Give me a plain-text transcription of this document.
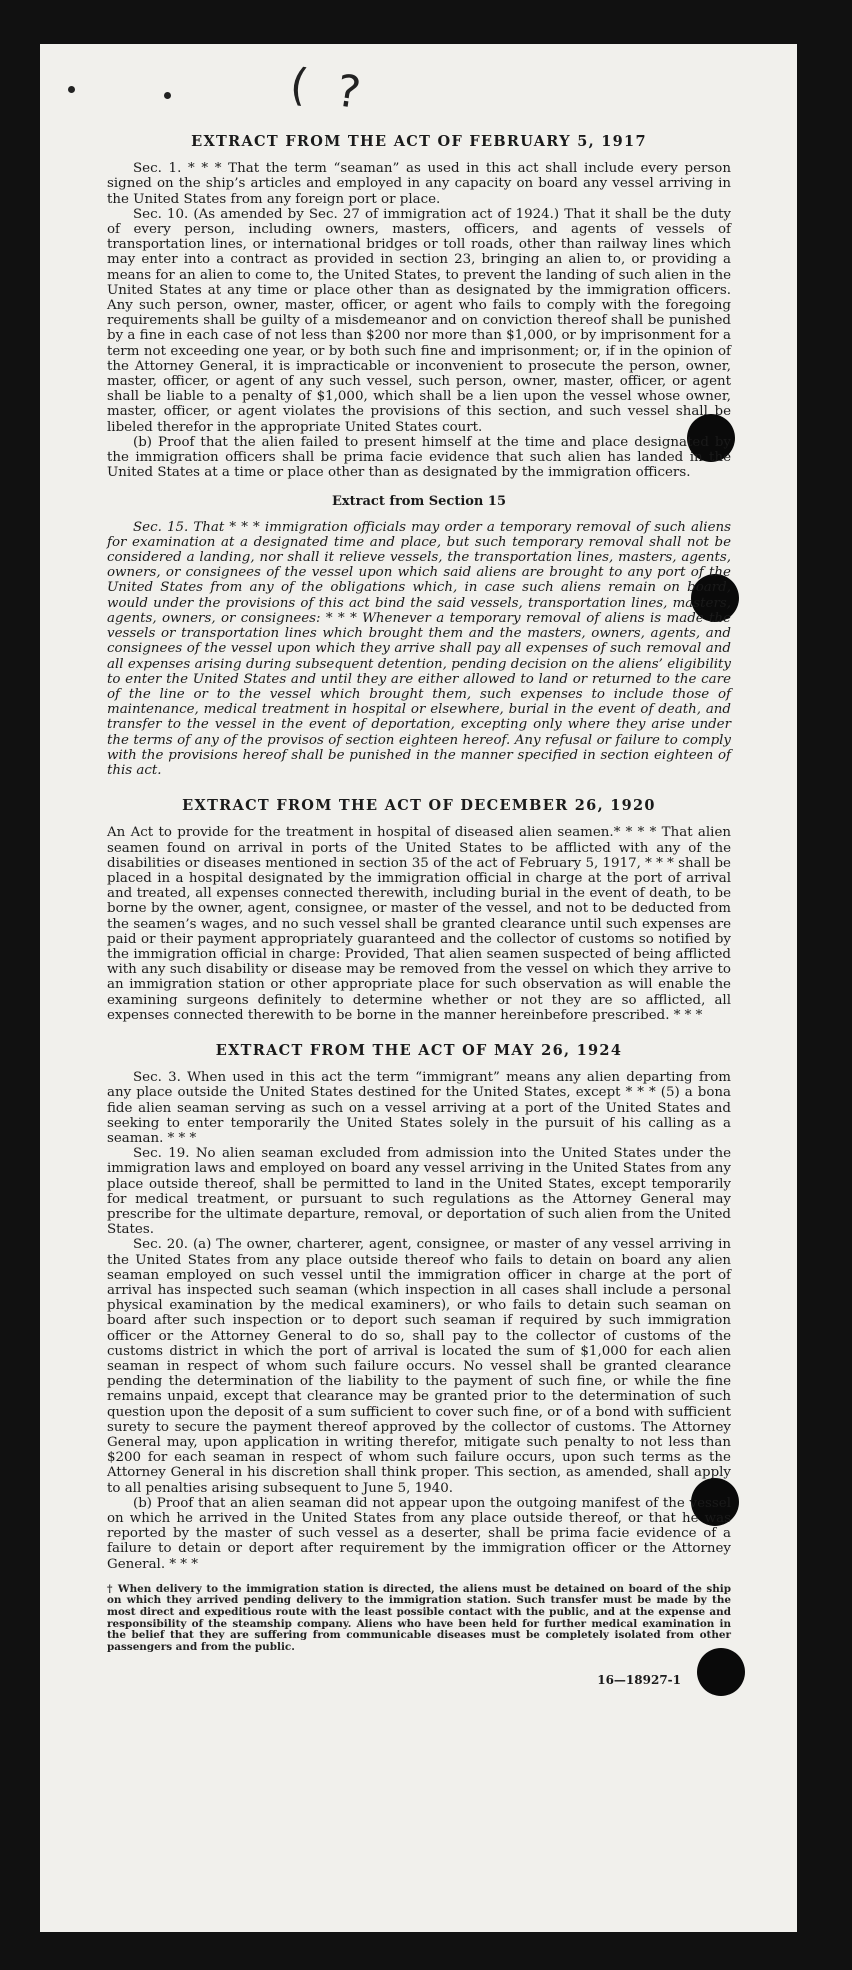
( ?
EXTRACT FROM THE ACT OF FEBRUARY 5, 1917

Sec. 1. * * * That the term “seaman” as used in this act shall include every person signed on the ship’s articles and employed in any capacity on board any vessel arriving in the United States from any foreign port or place.

Sec. 10. (As amended by Sec. 27 of immigration act of 1924.) That it shall be the duty of every person, including owners, masters, officers, and agents of vessels of transportation lines, or international bridges or toll roads, other than railway lines which may enter into a contract as provided in section 23, bringing an alien to, or providing a means for an alien to come to, the United States, to prevent the landing of such alien in the United States at any time or place other than as designated by the immigration officers. Any such person, owner, master, officer, or agent who fails to comply with the foregoing requirements shall be guilty of a misdemeanor and on conviction thereof shall be punished by a fine in each case of not less than $200 nor more than $1,000, or by imprisonment for a term not exceeding one year, or by both such fine and imprisonment; or, if in the opinion of the Attorney General, it is impracticable or inconvenient to prosecute the person, owner, master, officer, or agent of any such vessel, such person, owner, master, officer, or agent shall be liable to a penalty of $1,000, which shall be a lien upon the vessel whose owner, master, officer, or agent violates the provisions of this section, and such vessel shall be libeled therefor in the appropriate United States court.

(b) Proof that the alien failed to present himself at the time and place designated by the immigration officers shall be prima facie evidence that such alien has landed in the United States at a time or place other than as designated by the immigration officers.

Extract from Section 15

Sec. 15. That * * * immigration officials may order a temporary removal of such aliens for examination at a designated time and place, but such temporary removal shall not be considered a landing, nor shall it relieve vessels, the transportation lines, masters, agents, owners, or consignees of the vessel upon which said aliens are brought to any port of the United States from any of the obligations which, in case such aliens remain on board, would under the provisions of this act bind the said vessels, transportation lines, masters, agents, owners, or consignees: * * * Whenever a temporary removal of aliens is made the vessels or transportation lines which brought them and the masters, owners, agents, and consignees of the vessel upon which they arrive shall pay all expenses of such removal and all expenses arising during subsequent detention, pending decision on the aliens’ eligibility to enter the United States and until they are either allowed to land or returned to the care of the line or to the vessel which brought them, such expenses to include those of maintenance, medical treatment in hospital or elsewhere, burial in the event of death, and transfer to the vessel in the event of deportation, excepting only where they arise under the terms of any of the provisos of section eighteen hereof. Any refusal or failure to comply with the provisions hereof shall be punished in the manner specified in section eighteen of this act.

EXTRACT FROM THE ACT OF DECEMBER 26, 1920

An Act to provide for the treatment in hospital of diseased alien seamen.* * * * That alien seamen found on arrival in ports of the United States to be afflicted with any of the disabilities or diseases mentioned in section 35 of the act of February 5, 1917, * * * shall be placed in a hospital designated by the immigration official in charge at the port of arrival and treated, all expenses connected therewith, including burial in the event of death, to be borne by the owner, agent, consignee, or master of the vessel, and not to be deducted from the seamen’s wages, and no such vessel shall be granted clearance until such expenses are paid or their payment appropriately guaranteed and the collector of customs so notified by the immigration official in charge: Provided, That alien seamen suspected of being afflicted with any such disability or disease may be removed from the vessel on which they arrive to an immigration station or other appropriate place for such observation as will enable the examining surgeons definitely to determine whether or not they are so afflicted, all expenses connected therewith to be borne in the manner hereinbefore prescribed. * * *

EXTRACT FROM THE ACT OF MAY 26, 1924

Sec. 3. When used in this act the term “immigrant” means any alien departing from any place outside the United States destined for the United States, except * * * (5) a bona fide alien seaman serving as such on a vessel arriving at a port of the United States and seeking to enter temporarily the United States solely in the pursuit of his calling as a seaman. * * *

Sec. 19. No alien seaman excluded from admission into the United States under the immigration laws and employed on board any vessel arriving in the United States from any place outside thereof, shall be permitted to land in the United States, except temporarily for medical treatment, or pursuant to such regulations as the Attorney General may prescribe for the ultimate departure, removal, or deportation of such alien from the United States.

Sec. 20. (a) The owner, charterer, agent, consignee, or master of any vessel arriving in the United States from any place outside thereof who fails to detain on board any alien seaman employed on such vessel until the immigration officer in charge at the port of arrival has inspected such seaman (which inspection in all cases shall include a personal physical examination by the medical examiners), or who fails to detain such seaman on board after such inspection or to deport such seaman if required by such immigration officer or the Attorney General to do so, shall pay to the collector of customs of the customs district in which the port of arrival is located the sum of $1,000 for each alien seaman in respect of whom such failure occurs. No vessel shall be granted clearance pending the determination of the liability to the payment of such fine, or while the fine remains unpaid, except that clearance may be granted prior to the determination of such question upon the deposit of a sum sufficient to cover such fine, or of a bond with sufficient surety to secure the payment thereof approved by the collector of customs. The Attorney General may, upon application in writing therefor, mitigate such penalty to not less than $200 for each seaman in respect of whom such failure occurs, upon such terms as the Attorney General in his discretion shall think proper. This section, as amended, shall apply to all penalties arising subsequent to June 5, 1940.

(b) Proof that an alien seaman did not appear upon the outgoing manifest of the vessel on which he arrived in the United States from any place outside thereof, or that he was reported by the master of such vessel as a deserter, shall be prima facie evidence of a failure to detain or deport after requirement by the immigration officer or the Attorney General. * * *

† When delivery to the immigration station is directed, the aliens must be detained on board of the ship on which they arrived pending delivery to the immigration station. Such transfer must be made by the most direct and expeditious route with the least possible contact with the public, and at the expense and responsibility of the steamship company. Aliens who have been held for further medical examination in the belief that they are suffering from communicable diseases must be completely isolated from other passengers and from the public.

16—18927-1
